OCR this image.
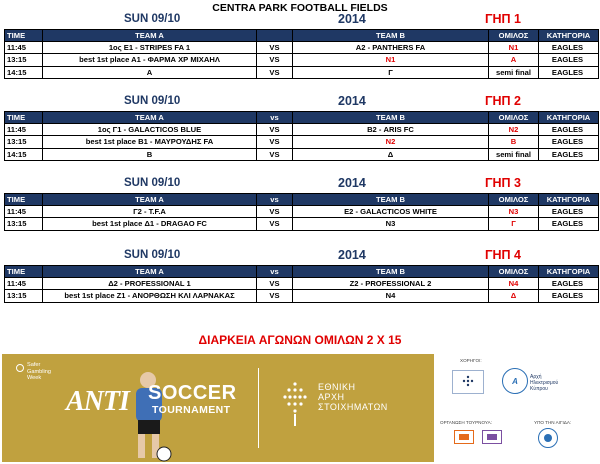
CENTRA PARK FOOTBALL FIELDS
SUN 09/10	2014	ΓΗΠ 1
TIME	TEAM A		TEAM B	ΟΜΙΛΟΣ	ΚΑΤΗΓΟΡΙΑ
11:45	1ος Ε1 - STRIPES FA 1	VS	Α2 - PANTHERS FA	Ν1	EAGLES
13:15	best 1st place A1 - ΦΑΡΜΑ ΧΡ ΜΙΧΑΗΛ	VS	Ν1	Α	EAGLES
14:15	Α	VS	Γ	semi final	EAGLES
SUN 09/10	2014	ΓΗΠ 2
TIME	TEAM A	vs	TEAM B	ΟΜΙΛΟΣ	ΚΑΤΗΓΟΡΙΑ
11:45	1ος Γ1 - GALACTICOS BLUE	VS	Β2 - ARIS FC	Ν2	EAGLES
13:15	best 1st place B1 - ΜΑΥΡΟΥΔΗΣ FA	VS	Ν2	Β	EAGLES
14:15	Β	VS	Δ	semi final	EAGLES
SUN 09/10	2014	ΓΗΠ 3
TIME	TEAM A	vs	TEAM B	ΟΜΙΛΟΣ	ΚΑΤΗΓΟΡΙΑ
11:45	Γ2 - T.F.A	VS	Ε2 - GALACTICOS WHITE	Ν3	EAGLES
13:15	best 1st place Δ1 - DRAGAO FC	VS	Ν3	Γ	EAGLES
SUN 09/10	2014	ΓΗΠ 4
TIME	TEAM A	vs	TEAM B	ΟΜΙΛΟΣ	ΚΑΤΗΓΟΡΙΑ
11:45	Δ2 - PROFESSIONAL 1	VS	Ζ2 - PROFESSIONAL 2	Ν4	EAGLES
13:15	best 1st place Ζ1 - ΑΝΟΡΘΩΣΗ ΚΛΙ ΛΑΡΝΑΚΑΣ	VS	Ν4	Δ	EAGLES
ΔΙΑΡΚΕΙΑ ΑΓΩΝΩΝ ΟΜΙΛΩΝ 2 Χ 15
Safer
Gambling
Week
ANTI SOCCER
TOURNAMENT
ΕΘΝΙΚΗ
ΑΡΧΗ
ΣΤΟΙΧΗΜΑΤΩΝ
ΧΟΡΗΓΟΙ:
A Αρχή
Ηλεκτρισμού
Κύπρου
ΟΡΓΑΝΩΣΗ ΤΟΥΡΝΟΥΑ:	ΥΠΟ ΤΗΝ ΑΙΓΙΔΑ:
